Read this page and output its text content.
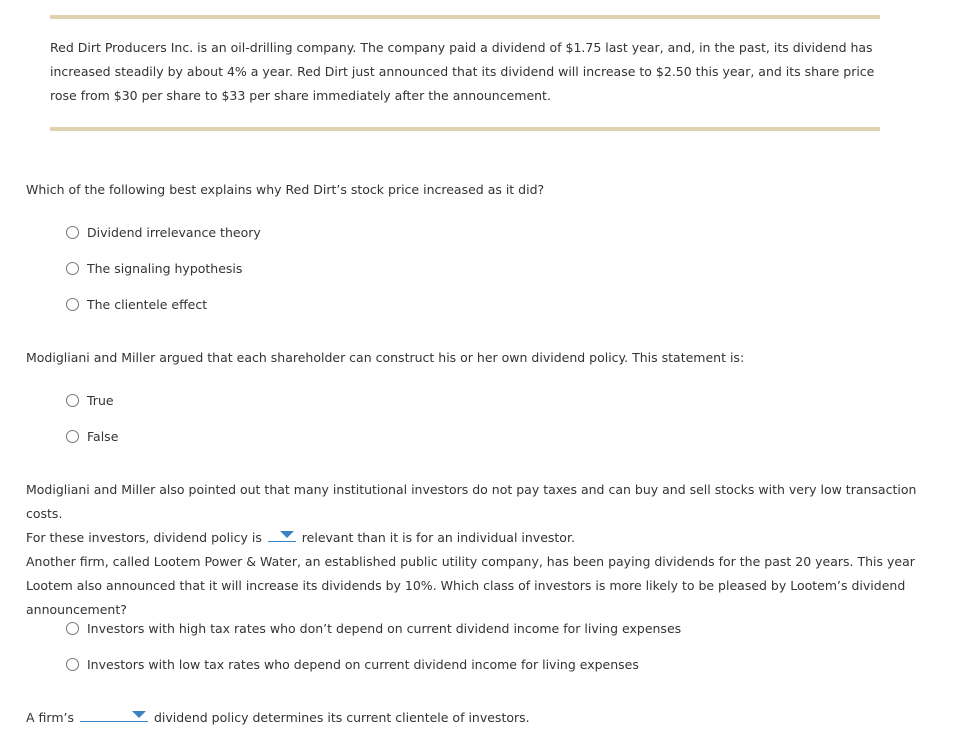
Red Dirt Producers Inc. is an oil-drilling company. The company paid a dividend of $1.75 last year, and, in the past, its dividend has increased steadily by about 4% a year. Red Dirt just announced that its dividend will increase to $2.50 this year, and its share price rose from $30 per share to $33 per share immediately after the announcement.
Which of the following best explains why Red Dirt’s stock price increased as it did?
Dividend irrelevance theory
The signaling hypothesis
The clientele effect
Modigliani and Miller argued that each shareholder can construct his or her own dividend policy. This statement is:
True
False
Modigliani and Miller also pointed out that many institutional investors do not pay taxes and can buy and sell stocks with very low transaction costs.
For these investors, dividend policy is	relevant than it is for an individual investor.
Another firm, called Lootem Power & Water, an established public utility company, has been paying dividends for the past 20 years. This year Lootem also announced that it will increase its dividends by 10%. Which class of investors is more likely to be pleased by Lootem’s dividend announcement?
Investors with high tax rates who don’t depend on current dividend income for living expenses
Investors with low tax rates who depend on current dividend income for living expenses
A firm’s	dividend policy determines its current clientele of investors.
